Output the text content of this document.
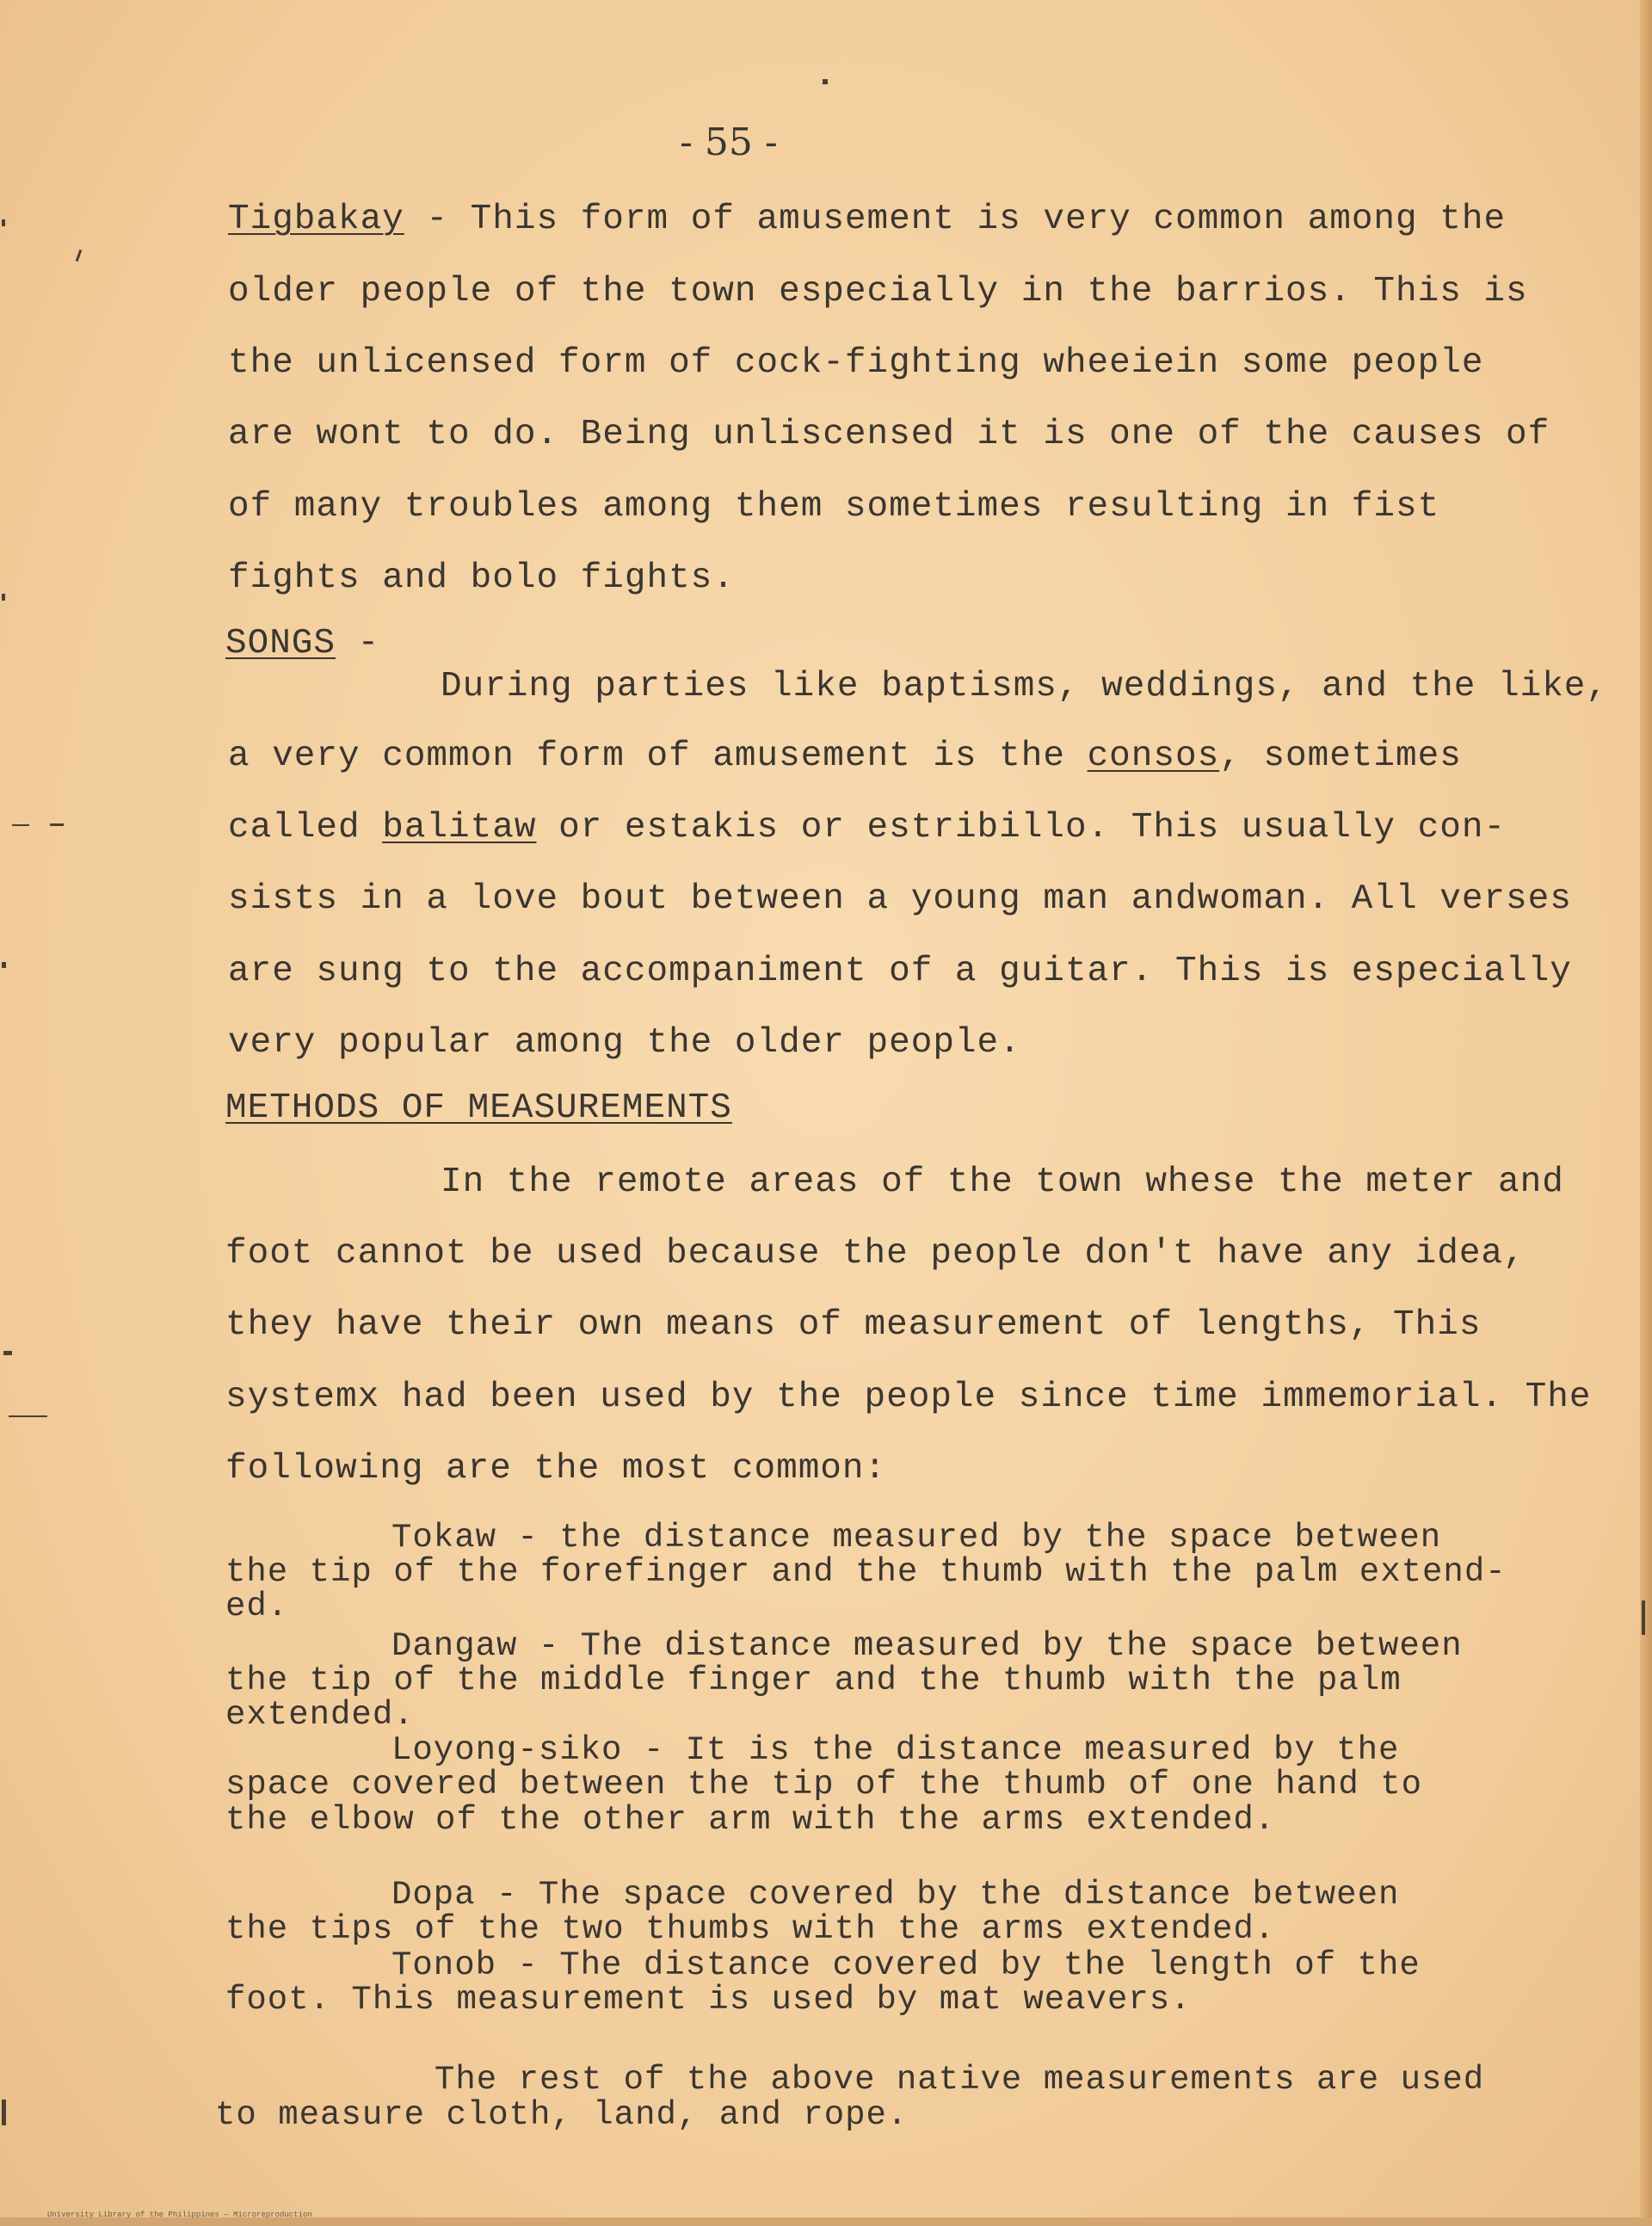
- 55 -
Tigbakay - This form of amusement is very common among the
older people of the town especially in the barrios. This is
the unlicensed form of cock-fighting wheeiein some people
are wont to do. Being unliscensed it is one of the causes of
of many troubles among them sometimes resulting in fist
fights and bolo fights.
SONGS -
During parties like baptisms, weddings, and the like,
a very common form of amusement is the consos, sometimes
called balitaw or estakis or estribillo. This usually con-
sists in a love bout between a young man andwoman. All verses
are sung to the accompaniment of a guitar. This is especially
very popular among the older people.
METHODS OF MEASUREMENTS
In the remote areas of the town whese the meter and
foot cannot be used because the people don't have any idea,
they have their own means of measurement of lengths, This
systemx had been used by the people since time immemorial. The
following are the most common:
Tokaw - the distance measured by the space between
the tip of the forefinger and the thumb with the palm extend-
ed.
Dangaw - The distance measured by the space between
the tip of the middle finger and the thumb with the palm
extended.
Loyong-siko - It is the distance measured by the
space covered between the tip of the thumb of one hand to
the elbow of the other arm with the arms extended.
Dopa - The space covered by the distance between
the tips of the two thumbs with the arms extended.
Tonob - The distance covered by the length of the
foot. This measurement is used by mat weavers.
The rest of the above native measurements are used
to measure cloth, land, and rope.
University Library of the Philippines — Microreproduction
